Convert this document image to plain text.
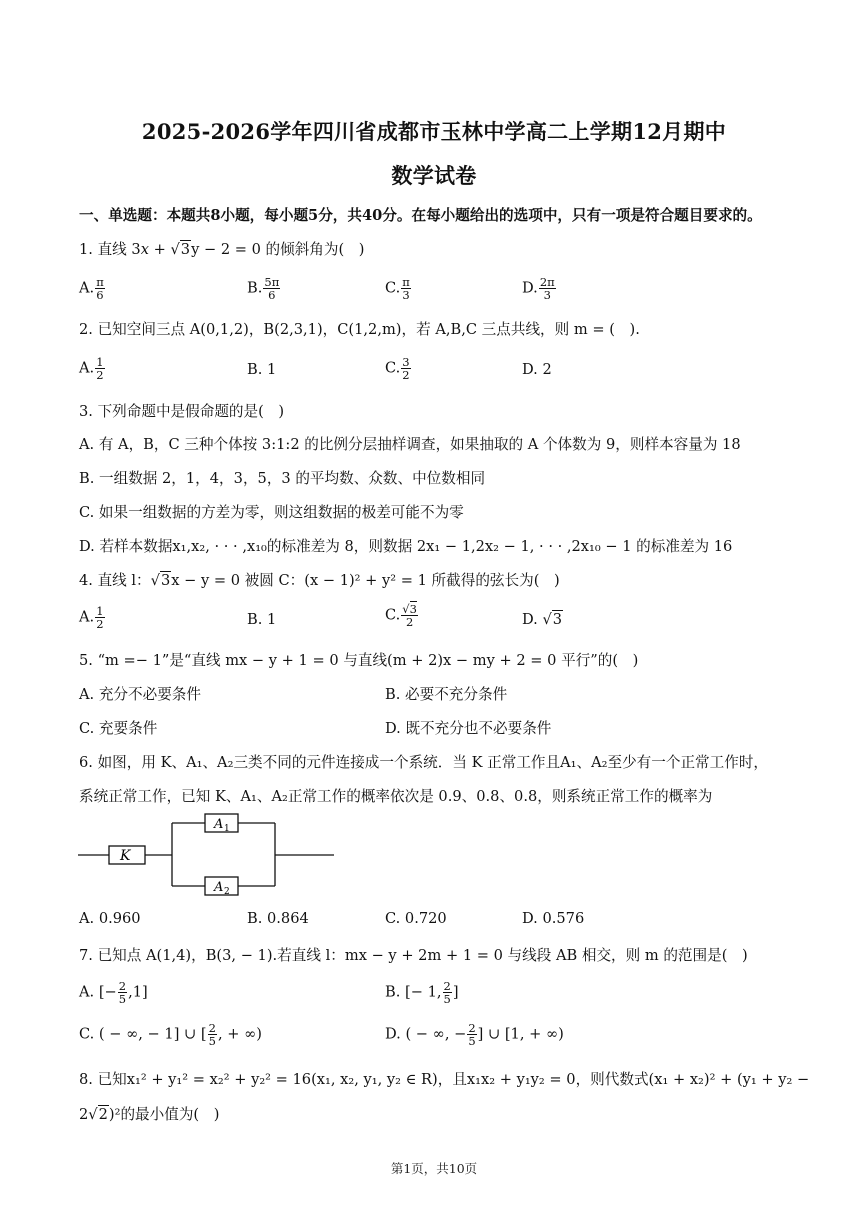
2025-2026学年四川省成都市玉林中学高二上学期12月期中
数学试卷
一、单选题：本题共8小题，每小题5分，共40分。在每小题给出的选项中，只有一项是符合题目要求的。
1. 直线 3x + √3y − 2 = 0 的倾斜角为(　)
A. $\frac{\pi}{6}$	B. $\frac{5\pi}{6}$	C. $\frac{\pi}{3}$	D. $\frac{2\pi}{3}$
2. 已知空间三点 A(0,1,2)，B(2,3,1)，C(1,2,m)，若 A,B,C 三点共线，则 m = (　).
A. $\frac{1}{2}$	B. 1	C. $\frac{3}{2}$	D. 2
3. 下列命题中是假命题的是(　)
A. 有 A，B，C 三种个体按 3:1:2 的比例分层抽样调查，如果抽取的 A 个体数为 9，则样本容量为 18
B. 一组数据 2，1，4，3，5，3 的平均数、众数、中位数相同
C. 如果一组数据的方差为零，则这组数据的极差可能不为零
D. 若样本数据x₁,x₂, · · · ,x₁₀的标准差为 8，则数据 2x₁ − 1,2x₂ − 1, · · · ,2x₁₀ − 1 的标准差为 16
4. 直线 l：√3x − y = 0 被圆 C：(x − 1)² + y² = 1 所截得的弦长为(　)
A. $\frac{1}{2}$	B. 1	C. $\frac{√3}{2}$	D. √3
5. “m =− 1”是“直线 mx − y + 1 = 0 与直线(m + 2)x − my + 2 = 0 平行”的(　)
A. 充分不必要条件	B. 必要不充分条件
C. 充要条件	D. 既不充分也不必要条件
6. 如图，用 K、A₁、A₂三类不同的元件连接成一个系统．当 K 正常工作且A₁、A₂至少有一个正常工作时，
系统正常工作，已知 K、A₁、A₂正常工作的概率依次是 0.9、0.8、0.8，则系统正常工作的概率为
K
A 1
A 2
A. 0.960	B. 0.864	C. 0.720	D. 0.576
7. 已知点 A(1,4)，B(3, − 1).若直线 l：mx − y + 2m + 1 = 0 与线段 AB 相交，则 m 的范围是(　)
A. [− $\frac{2}{5} ,1$]	B. [− 1, $\frac{2}{5}$ ]
C. ( − ∞, − 1] ∪ [ $\frac{2}{5}$ , + ∞)	D. ( − ∞, − $\frac{2}{5}$ ] ∪ [1, + ∞)
8. 已知x₁² + y₁² = x₂² + y₂² = 16(x₁, x₂, y₁, y₂ ∈ R)，且x₁x₂ + y₁y₂ = 0，则代数式(x₁ + x₂)² + (y₁ + y₂ −
2√2)²的最小值为(　)
第1页，共10页
